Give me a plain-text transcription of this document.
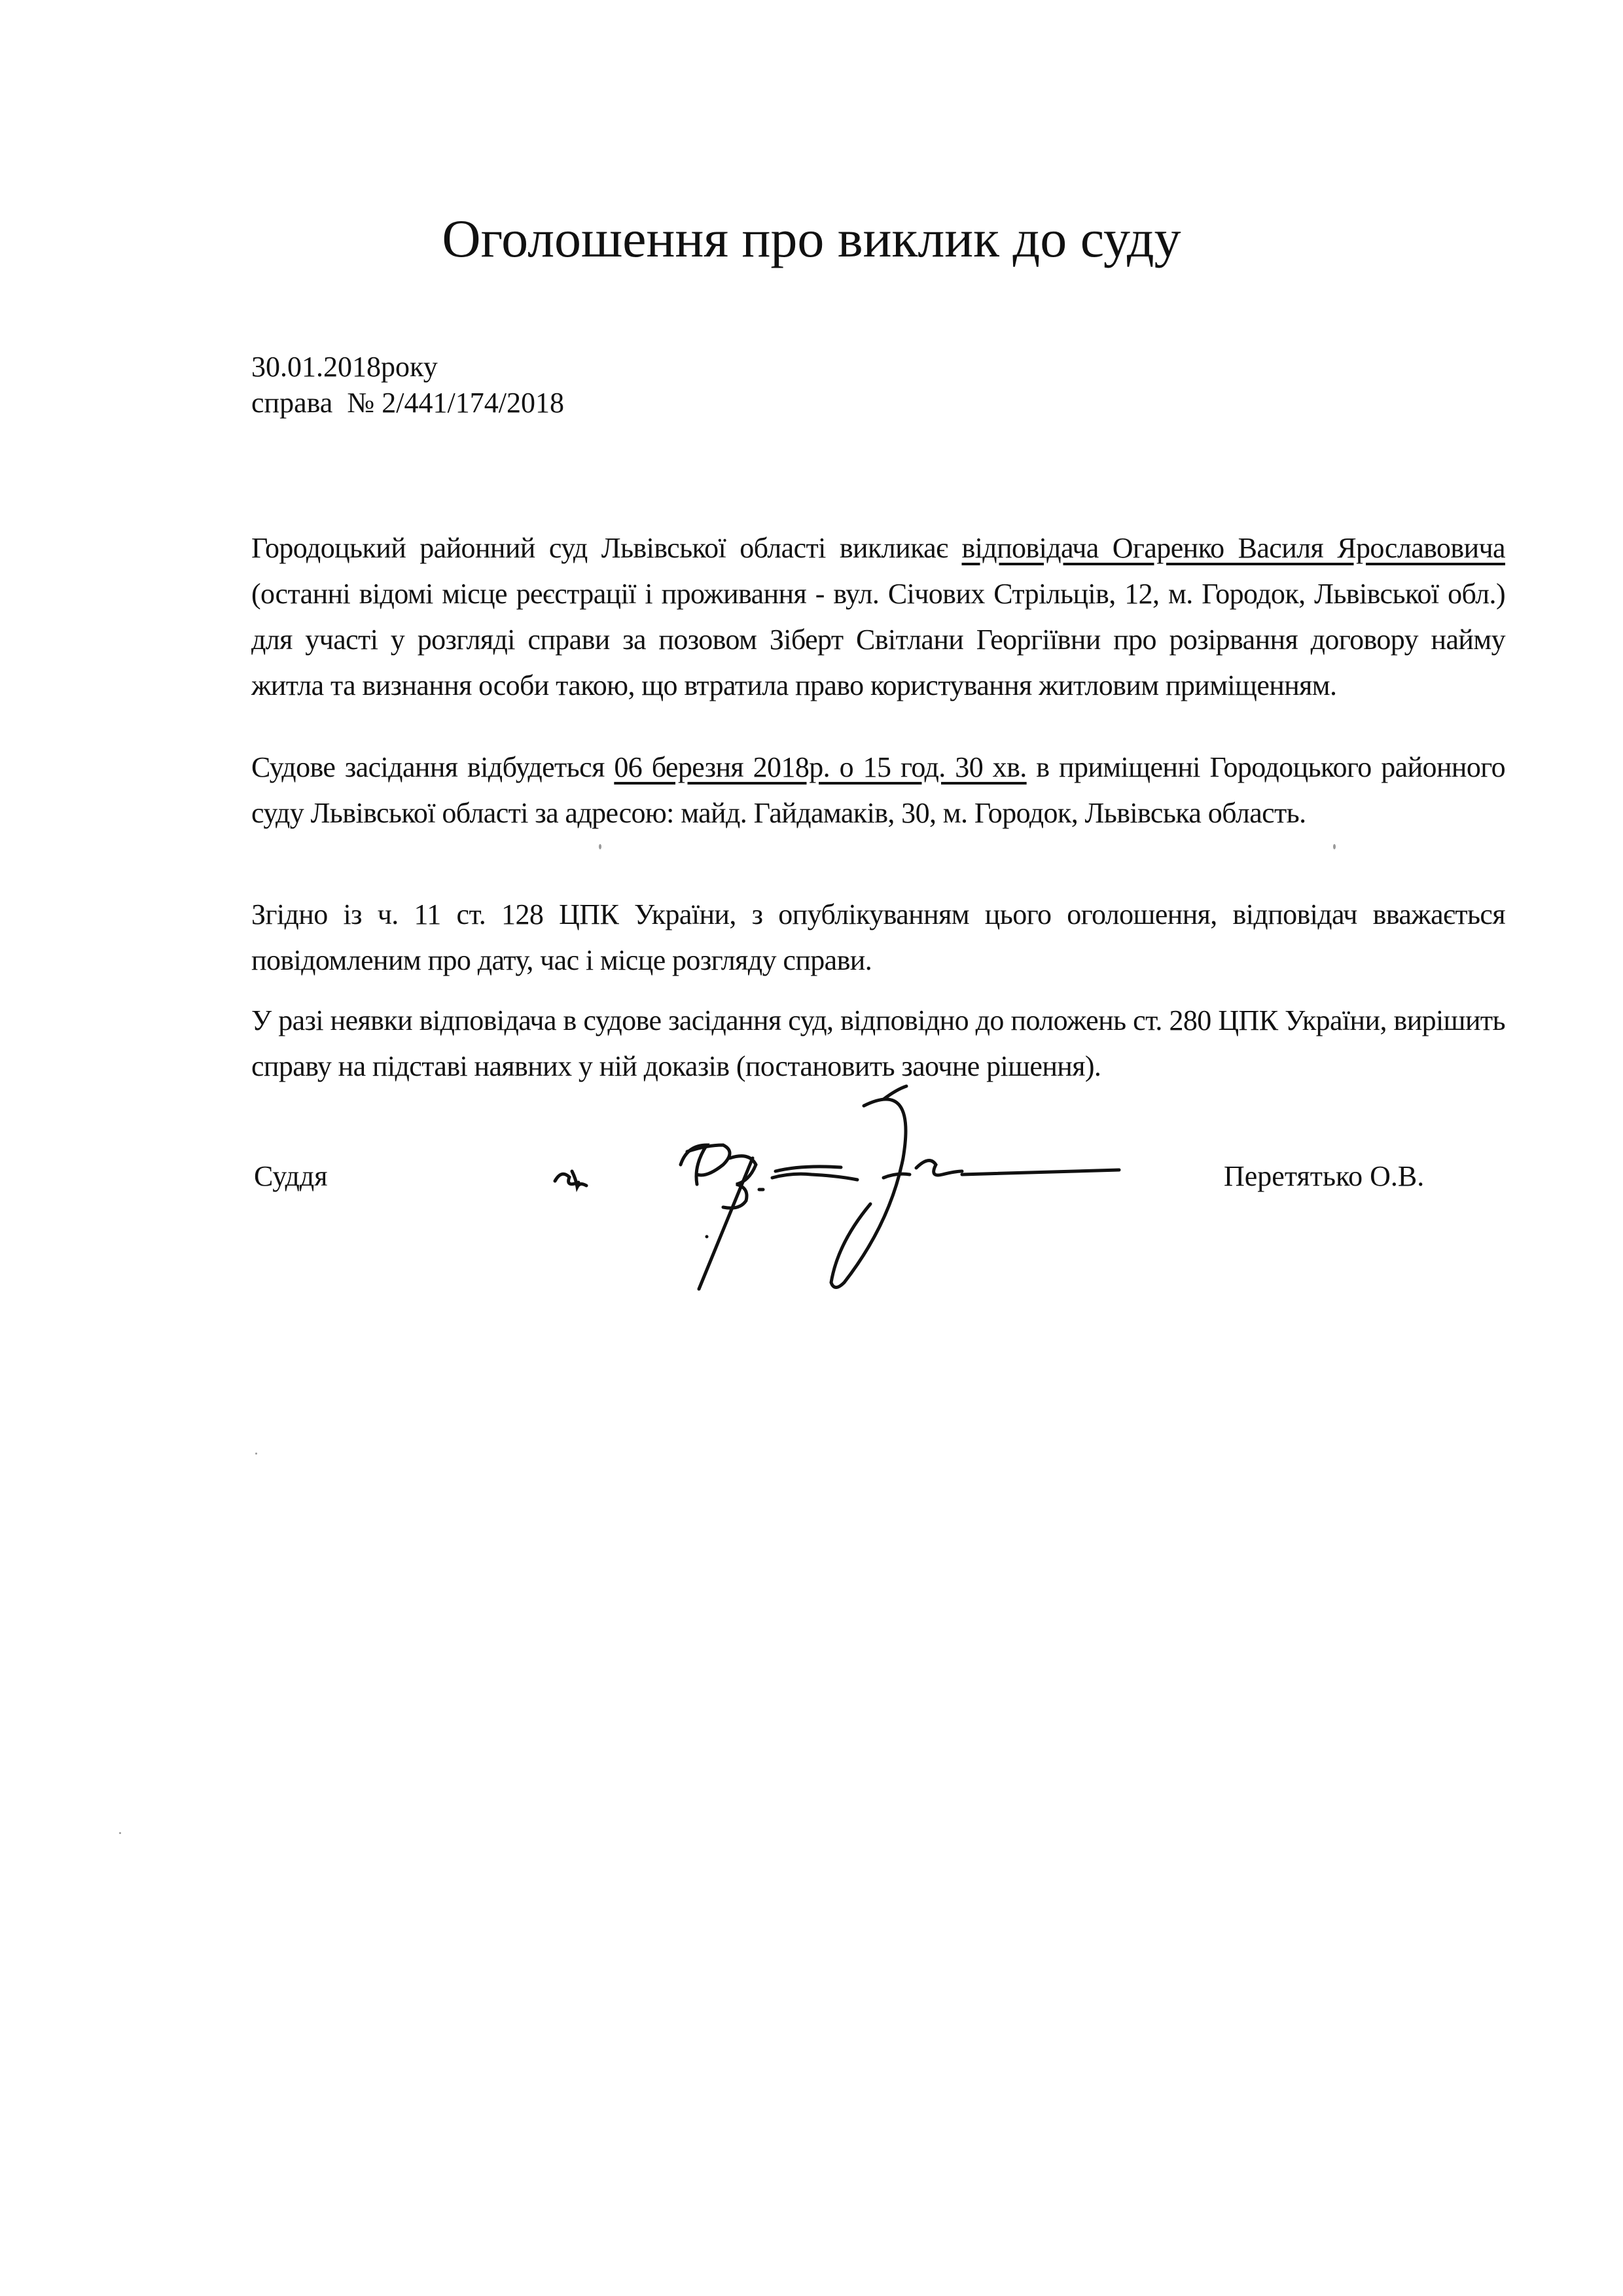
Оголошення про виклик до суду
30.01.2018року
справа  № 2/441/174/2018
Городоцький районний суд Львівської області викликає відповідача Огаренко Василя Ярославовича (останні відомі місце реєстрації і проживання - вул. Січових Стрільців, 12, м. Городок, Львівської обл.) для участі у розгляді справи за позовом Зіберт Світлани Георгіївни про розірвання договору найму житла та визнання особи такою, що втратила право користування житловим приміщенням.
Судове засідання відбудеться 06 березня 2018р. о 15 год. 30 хв. в приміщенні Городоцького районного суду Львівської області за адресою: майд. Гайдамаків, 30, м. Городок, Львівська область.
Згідно із ч. 11 ст. 128 ЦПК України, з опублікуванням цього оголошення, відповідач вважається повідомленим про дату, час і місце розгляду справи.
У разі неявки відповідача в судове засідання суд, відповідно до положень ст. 280 ЦПК України, вирішить справу на підставі наявних у ній доказів (постановить заочне рішення).
Суддя	Перетятько О.В.
